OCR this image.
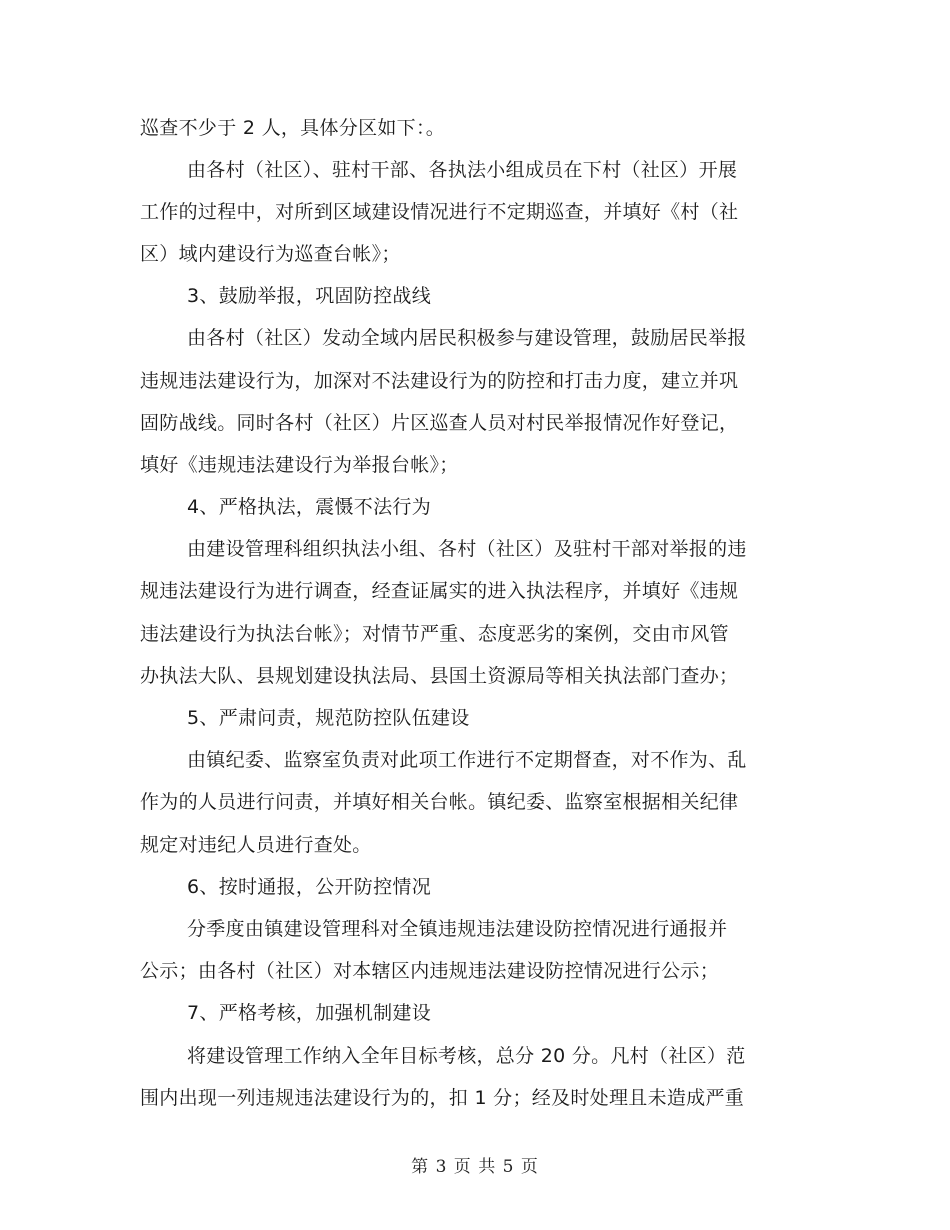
巡查不少于 2 人，具体分区如下：。
由各村（社区）、驻村干部、各执法小组成员在下村（社区）开展
工作的过程中，对所到区域建设情况进行不定期巡查，并填好《村（社
区）域内建设行为巡查台帐》；
3、鼓励举报，巩固防控战线
由各村（社区）发动全域内居民积极参与建设管理，鼓励居民举报
违规违法建设行为，加深对不法建设行为的防控和打击力度，建立并巩
固防战线。同时各村（社区）片区巡查人员对村民举报情况作好登记，
填好《违规违法建设行为举报台帐》；
4、严格执法，震慑不法行为
由建设管理科组织执法小组、各村（社区）及驻村干部对举报的违
规违法建设行为进行调查，经查证属实的进入执法程序，并填好《违规
违法建设行为执法台帐》；对情节严重、态度恶劣的案例，交由市风管
办执法大队、县规划建设执法局、县国土资源局等相关执法部门查办；
5、严肃问责，规范防控队伍建设
由镇纪委、监察室负责对此项工作进行不定期督查，对不作为、乱
作为的人员进行问责，并填好相关台帐。镇纪委、监察室根据相关纪律
规定对违纪人员进行查处。
6、按时通报，公开防控情况
分季度由镇建设管理科对全镇违规违法建设防控情况进行通报并
公示；由各村（社区）对本辖区内违规违法建设防控情况进行公示；
7、严格考核，加强机制建设
将建设管理工作纳入全年目标考核，总分 20 分。凡村（社区）范
围内出现一列违规违法建设行为的，扣 1 分；经及时处理且未造成严重
第 3 页 共 5 页
